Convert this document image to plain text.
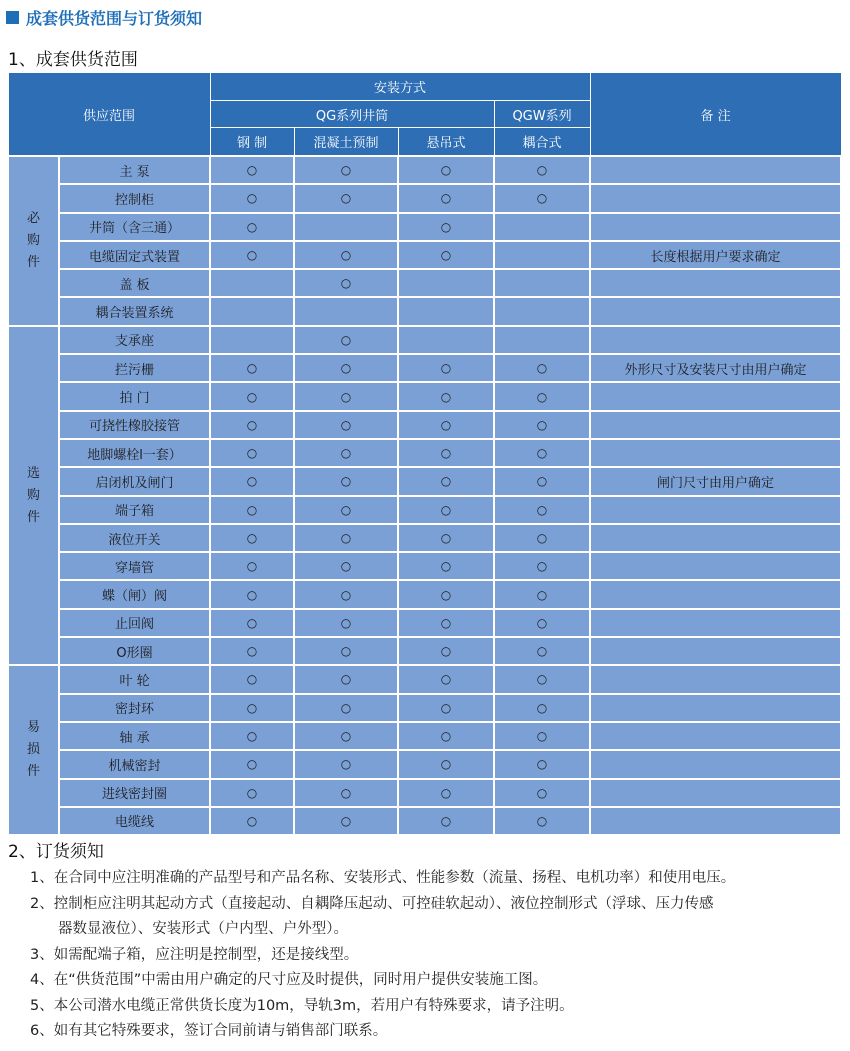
成套供货范围与订货须知
1、成套供货范围
供应范围		安装方式				备 注
		QG系列井筒			QGW系列	
		钢 制	混凝土预制	悬吊式	耦合式	

必
购
件	主 泵	○	○	○	○	
	控制柜	○	○	○	○	
	井筒（含三通）	○		○		
	电缆固定式装置	○	○	○		长度根据用户要求确定
	盖 板		○			
	耦合装置系统					

选
购
件	支承座		○			
	拦污栅	○	○	○	○	外形尺寸及安装尺寸由用户确定
	拍 门	○	○	○	○	
	可挠性橡胶接管	○	○	○	○	
	地脚螺栓l一套）	○	○	○	○	
	启闭机及闸门	○	○	○	○	闸门尺寸由用户确定
	端子箱	○	○	○	○	
	液位开关	○	○	○	○	
	穿墙管	○	○	○	○	
	蝶（闸）阀	○	○	○	○	
	止回阀	○	○	○	○	
	O形圈	○	○	○	○	

易
损
件	叶 轮	○	○	○	○	
	密封环	○	○	○	○	
	轴 承	○	○	○	○	
	机械密封	○	○	○	○	
	进线密封圈	○	○	○	○	
	电缆线	○	○	○	○	
2、订货须知

1、在合同中应注明准确的产品型号和产品名称、安装形式、性能参数（流量、扬程、电机功率）和使用电压。

2、控制柜应注明其起动方式（直接起动、自耦降压起动、可控硅软起动）、液位控制形式（浮球、压力传感

器数显液位）、安装形式（户内型、户外型）。

3、如需配端子箱，应注明是控制型，还是接线型。

4、在“供货范围”中需由用户确定的尺寸应及时提供，同时用户提供安装施工图。

5、本公司潜水电缆正常供货长度为10m，导轨3m，若用户有特殊要求，请予注明。

6、如有其它特殊要求，签订合同前请与销售部门联系。
